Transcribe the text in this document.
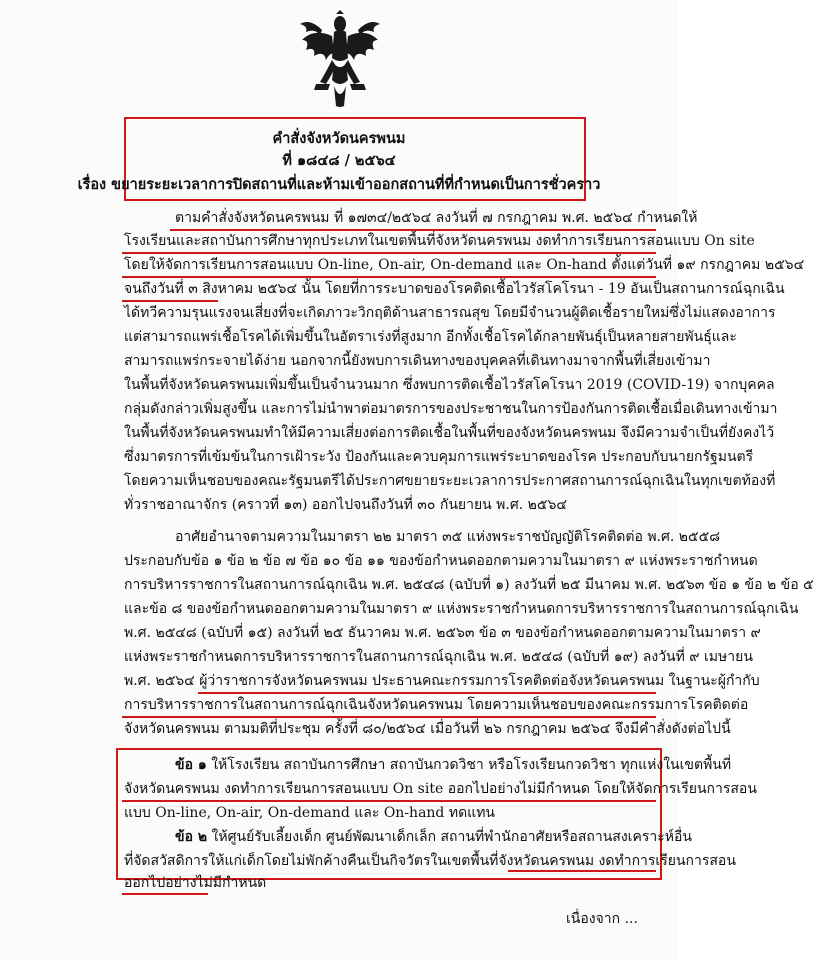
คำสั่งจังหวัดนครพนม
ที่ ๑๘๔๘ / ๒๕๖๔
เรื่อง ขยายระยะเวลาการปิดสถานที่และห้ามเข้าออกสถานที่ที่กำหนดเป็นการชั่วคราว
ตามคำสั่งจังหวัดนครพนม ที่ ๑๗๓๔/๒๕๖๔ ลงวันที่ ๗ กรกฎาคม พ.ศ. ๒๕๖๔ กำหนดให้
โรงเรียนและสถาบันการศึกษาทุกประเภทในเขตพื้นที่จังหวัดนครพนม งดทำการเรียนการสอนแบบ On site
โดยให้จัดการเรียนการสอนแบบ On-line, On-air, On-demand และ On-hand ตั้งแต่วันที่ ๑๙ กรกฎาคม ๒๕๖๔
จนถึงวันที่ ๓ สิงหาคม ๒๕๖๔ นั้น โดยที่การระบาดของโรคติดเชื้อไวรัสโคโรนา - 19 อันเป็นสถานการณ์ฉุกเฉิน
ได้ทวีความรุนแรงจนเสี่ยงที่จะเกิดภาวะวิกฤติด้านสาธารณสุข โดยมีจำนวนผู้ติดเชื้อรายใหม่ซึ่งไม่แสดงอาการ
แต่สามารถแพร่เชื้อโรคได้เพิ่มขึ้นในอัตราเร่งที่สูงมาก อีกทั้งเชื้อโรคได้กลายพันธุ์เป็นหลายสายพันธุ์และ
สามารถแพร่กระจายได้ง่าย นอกจากนี้ยังพบการเดินทางของบุคคลที่เดินทางมาจากพื้นที่เสี่ยงเข้ามา
ในพื้นที่จังหวัดนครพนมเพิ่มขึ้นเป็นจำนวนมาก ซึ่งพบการติดเชื้อไวรัสโคโรนา 2019 (COVID-19) จากบุคคล
กลุ่มดังกล่าวเพิ่มสูงขึ้น และการไม่นำพาต่อมาตรการของประชาชนในการป้องกันการติดเชื้อเมื่อเดินทางเข้ามา
ในพื้นที่จังหวัดนครพนมทำให้มีความเสี่ยงต่อการติดเชื้อในพื้นที่ของจังหวัดนครพนม จึงมีความจำเป็นที่ยังคงไว้
ซึ่งมาตรการที่เข้มข้นในการเฝ้าระวัง ป้องกันและควบคุมการแพร่ระบาดของโรค ประกอบกับนายกรัฐมนตรี
โดยความเห็นชอบของคณะรัฐมนตรีได้ประกาศขยายระยะเวลาการประกาศสถานการณ์ฉุกเฉินในทุกเขตท้องที่
ทั่วราชอาณาจักร (คราวที่ ๑๓) ออกไปจนถึงวันที่ ๓๐ กันยายน พ.ศ. ๒๕๖๔
อาศัยอำนาจตามความในมาตรา ๒๒ มาตรา ๓๕ แห่งพระราชบัญญัติโรคติดต่อ พ.ศ. ๒๕๕๘
ประกอบกับข้อ ๑ ข้อ ๒ ข้อ ๗ ข้อ ๑๐ ข้อ ๑๑ ของข้อกำหนดออกตามความในมาตรา ๙ แห่งพระราชกำหนด
การบริหารราชการในสถานการณ์ฉุกเฉิน พ.ศ. ๒๕๔๘ (ฉบับที่ ๑) ลงวันที่ ๒๕ มีนาคม พ.ศ. ๒๕๖๓ ข้อ ๑ ข้อ ๒ ข้อ ๕
และข้อ ๘ ของข้อกำหนดออกตามความในมาตรา ๙ แห่งพระราชกำหนดการบริหารราชการในสถานการณ์ฉุกเฉิน
พ.ศ. ๒๕๔๘ (ฉบับที่ ๑๕) ลงวันที่ ๒๕ ธันวาคม พ.ศ. ๒๕๖๓ ข้อ ๓ ของข้อกำหนดออกตามความในมาตรา ๙
แห่งพระราชกำหนดการบริหารราชการในสถานการณ์ฉุกเฉิน พ.ศ. ๒๕๔๘ (ฉบับที่ ๑๙) ลงวันที่ ๙ เมษายน
พ.ศ. ๒๕๖๔ ผู้ว่าราชการจังหวัดนครพนม ประธานคณะกรรมการโรคติดต่อจังหวัดนครพนม ในฐานะผู้กำกับ
การบริหารราชการในสถานการณ์ฉุกเฉินจังหวัดนครพนม โดยความเห็นชอบของคณะกรรมการโรคติดต่อ
จังหวัดนครพนม ตามมติที่ประชุม ครั้งที่ ๘๐/๒๕๖๔ เมื่อวันที่ ๒๖ กรกฎาคม ๒๕๖๔ จึงมีคำสั่งดังต่อไปนี้
ข้อ ๑ ให้โรงเรียน สถาบันการศึกษา สถาบันกวดวิชา หรือโรงเรียนกวดวิชา ทุกแห่งในเขตพื้นที่
จังหวัดนครพนม งดทำการเรียนการสอนแบบ On site ออกไปอย่างไม่มีกำหนด โดยให้จัดการเรียนการสอน
แบบ On-line, On-air, On-demand และ On-hand ทดแทน
ข้อ ๒ ให้ศูนย์รับเลี้ยงเด็ก ศูนย์พัฒนาเด็กเล็ก สถานที่พำนักอาศัยหรือสถานสงเคราะห์อื่น
ที่จัดสวัสดิการให้แก่เด็กโดยไม่พักค้างคืนเป็นกิจวัตรในเขตพื้นที่จังหวัดนครพนม งดทำการเรียนการสอน
ออกไปอย่างไม่มีกำหนด
เนื่องจาก ...
